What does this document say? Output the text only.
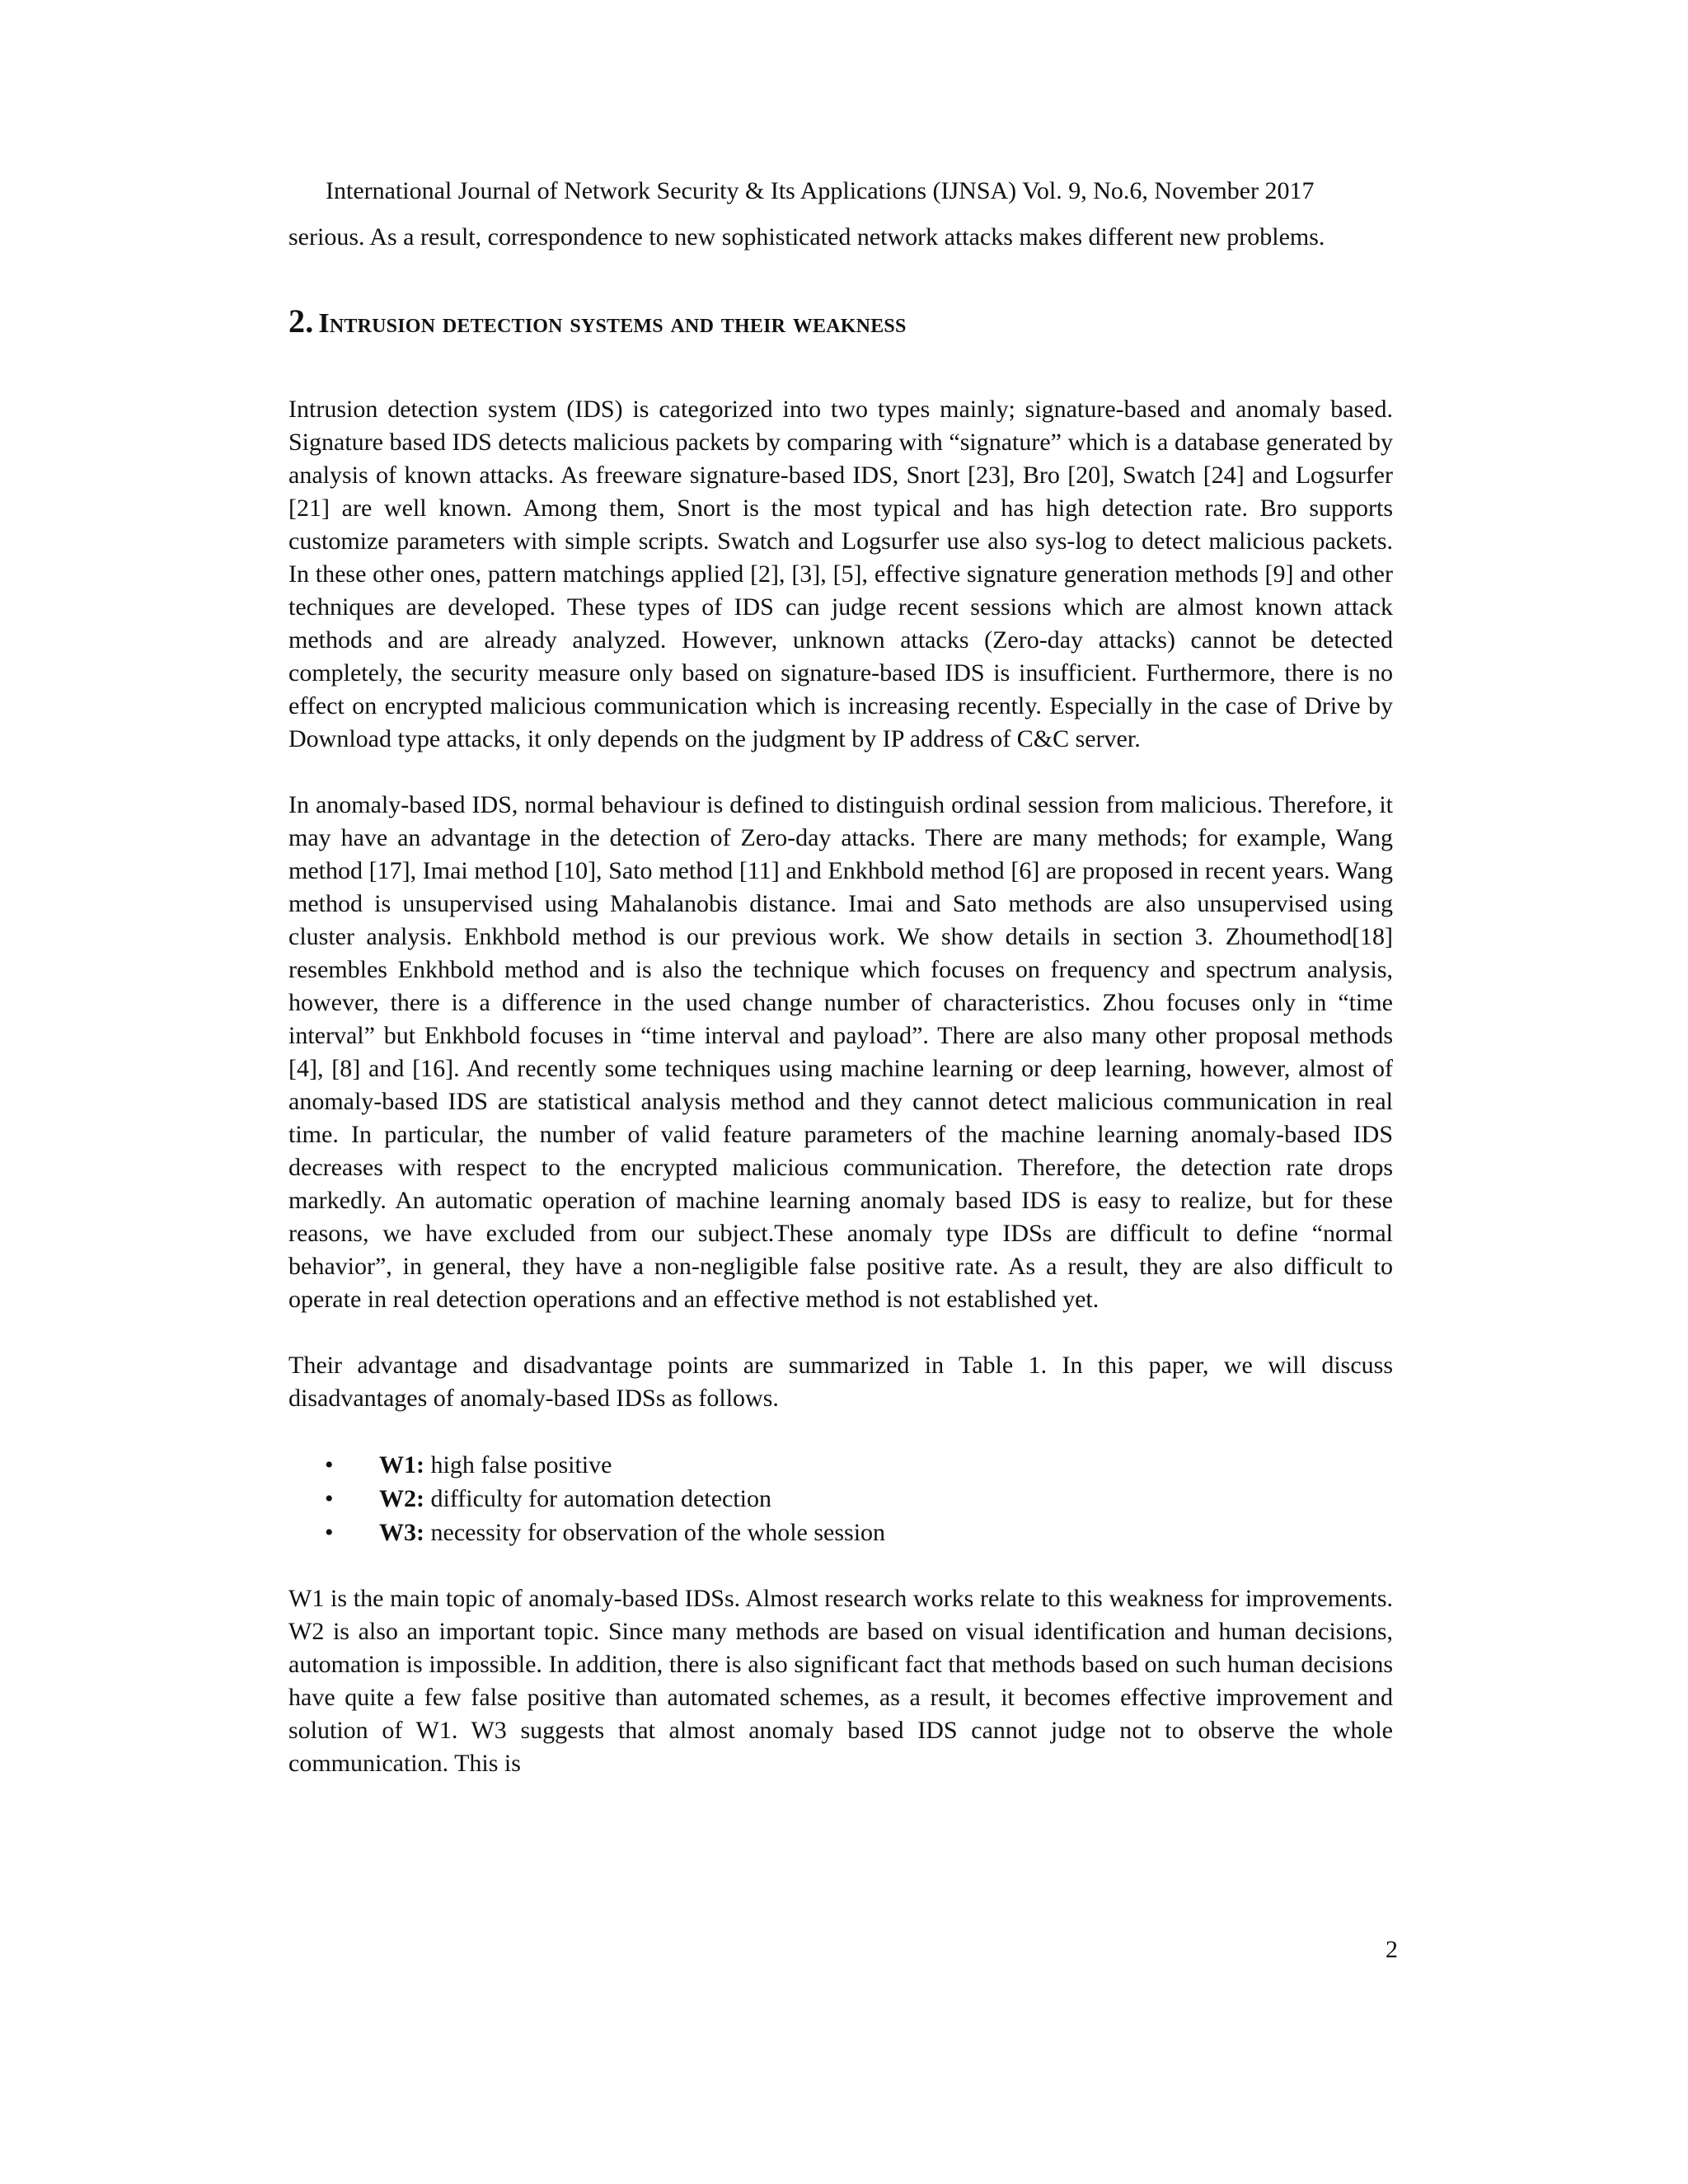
International Journal of Network Security & Its Applications (IJNSA) Vol. 9, No.6, November 2017

serious. As a result, correspondence to new sophisticated network attacks makes different new problems.

2. Intrusion detection systems and their weakness

Intrusion detection system (IDS) is categorized into two types mainly; signature-based and anomaly based. Signature based IDS detects malicious packets by comparing with “signature” which is a database generated by analysis of known attacks. As freeware signature-based IDS, Snort [23], Bro [20], Swatch [24] and Logsurfer [21] are well known. Among them, Snort is the most typical and has high detection rate. Bro supports customize parameters with simple scripts. Swatch and Logsurfer use also sys-log to detect malicious packets. In these other ones, pattern matchings applied [2], [3], [5], effective signature generation methods [9] and other techniques are developed. These types of IDS can judge recent sessions which are almost known attack methods and are already analyzed. However, unknown attacks (Zero-day attacks) cannot be detected completely, the security measure only based on signature-based IDS is insufficient. Furthermore, there is no effect on encrypted malicious communication which is increasing recently. Especially in the case of Drive by Download type attacks, it only depends on the judgment by IP address of C&C server.

In anomaly-based IDS, normal behaviour is defined to distinguish ordinal session from malicious. Therefore, it may have an advantage in the detection of Zero-day attacks. There are many methods; for example, Wang method [17], Imai method [10], Sato method [11] and Enkhbold method [6] are proposed in recent years. Wang method is unsupervised using Mahalanobis distance. Imai and Sato methods are also unsupervised using cluster analysis. Enkhbold method is our previous work. We show details in section 3. Zhoumethod[18] resembles Enkhbold method and is also the technique which focuses on frequency and spectrum analysis, however, there is a difference in the used change number of characteristics. Zhou focuses only in “time interval” but Enkhbold focuses in “time interval and payload”. There are also many other proposal methods [4], [8] and [16]. And recently some techniques using machine learning or deep learning, however, almost of anomaly-based IDS are statistical analysis method and they cannot detect malicious communication in real time. In particular, the number of valid feature parameters of the machine learning anomaly-based IDS decreases with respect to the encrypted malicious communication. Therefore, the detection rate drops markedly. An automatic operation of machine learning anomaly based IDS is easy to realize, but for these reasons, we have excluded from our subject.These anomaly type IDSs are difficult to define “normal behavior”, in general, they have a non-negligible false positive rate. As a result, they are also difficult to operate in real detection operations and an effective method is not established yet.

Their advantage and disadvantage points are summarized in Table 1. In this paper, we will discuss disadvantages of anomaly-based IDSs as follows.

• W1: high false positive
• W2: difficulty for automation detection
• W3: necessity for observation of the whole session

W1 is the main topic of anomaly-based IDSs. Almost research works relate to this weakness for improvements. W2 is also an important topic. Since many methods are based on visual identification and human decisions, automation is impossible. In addition, there is also significant fact that methods based on such human decisions have quite a few false positive than automated schemes, as a result, it becomes effective improvement and solution of W1. W3 suggests that almost anomaly based IDS cannot judge not to observe the whole communication. This is

2
